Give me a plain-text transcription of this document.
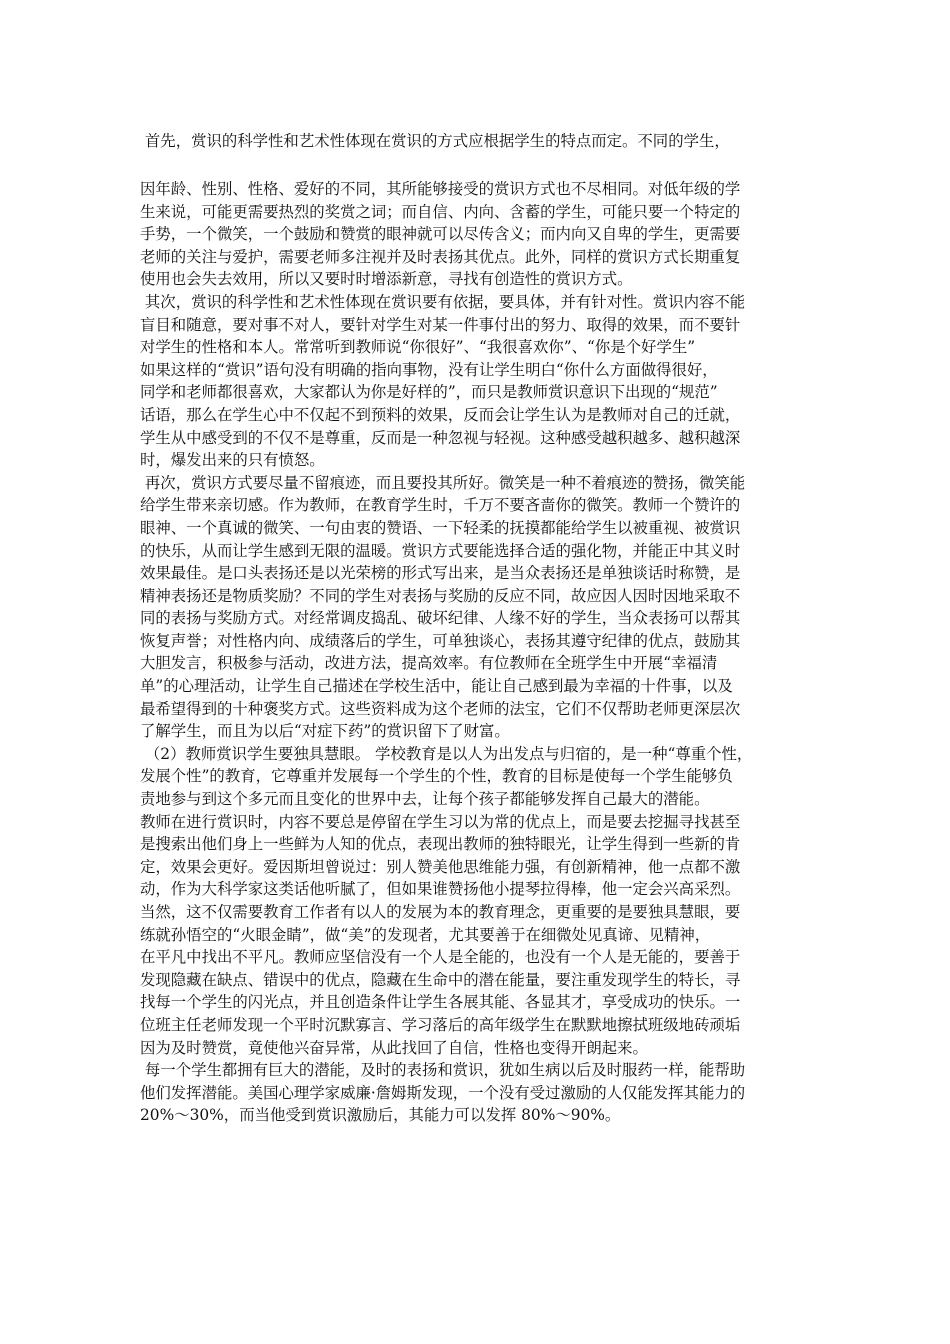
首先，赏识的科学性和艺术性体现在赏识的方式应根据学生的特点而定。不同的学生，

因年龄、性别、性格、爱好的不同，其所能够接受的赏识方式也不尽相同。对低年级的学
生来说，可能更需要热烈的奖赏之词；而自信、内向、含蓄的学生，可能只要一个特定的
手势，一个微笑，一个鼓励和赞赏的眼神就可以尽传含义；而内向又自卑的学生，更需要
老师的关注与爱护，需要老师多注视并及时表扬其优点。此外，同样的赏识方式长期重复
使用也会失去效用，所以又要时时增添新意，寻找有创造性的赏识方式。
其次，赏识的科学性和艺术性体现在赏识要有依据，要具体，并有针对性。赏识内容不能
盲目和随意，要对事不对人，要针对学生对某一件事付出的努力、取得的效果，而不要针
对学生的性格和本人。常常听到教师说“你很好”、“我很喜欢你”、“你是个好学生”
如果这样的“赏识”语句没有明确的指向事物，没有让学生明白“你什么方面做得很好，
同学和老师都很喜欢，大家都认为你是好样的”，而只是教师赏识意识下出现的“规范”
话语，那么在学生心中不仅起不到预料的效果，反而会让学生认为是教师对自己的迁就，
学生从中感受到的不仅不是尊重，反而是一种忽视与轻视。这种感受越积越多、越积越深
时，爆发出来的只有愤怒。
再次，赏识方式要尽量不留痕迹，而且要投其所好。微笑是一种不着痕迹的赞扬，微笑能
给学生带来亲切感。作为教师，在教育学生时，千万不要吝啬你的微笑。教师一个赞许的
眼神、一个真诚的微笑、一句由衷的赞语、一下轻柔的抚摸都能给学生以被重视、被赏识
的快乐，从而让学生感到无限的温暖。赏识方式要能选择合适的强化物，并能正中其义时
效果最佳。是口头表扬还是以光荣榜的形式写出来，是当众表扬还是单独谈话时称赞，是
精神表扬还是物质奖励？不同的学生对表扬与奖励的反应不同，故应因人因时因地采取不
同的表扬与奖励方式。对经常调皮捣乱、破坏纪律、人缘不好的学生，当众表扬可以帮其
恢复声誉；对性格内向、成绩落后的学生，可单独谈心，表扬其遵守纪律的优点，鼓励其
大胆发言，积极参与活动，改进方法，提高效率。有位教师在全班学生中开展“幸福清
单”的心理活动，让学生自己描述在学校生活中，能让自己感到最为幸福的十件事，以及
最希望得到的十种褒奖方式。这些资料成为这个老师的法宝，它们不仅帮助老师更深层次
了解学生，而且为以后“对症下药”的赏识留下了财富。
（2）教师赏识学生要独具慧眼。 学校教育是以人为出发点与归宿的，是一种“尊重个性，
发展个性”的教育，它尊重并发展每一个学生的个性，教育的目标是使每一个学生能够负
责地参与到这个多元而且变化的世界中去，让每个孩子都能够发挥自己最大的潜能。
教师在进行赏识时，内容不要总是停留在学生习以为常的优点上，而是要去挖掘寻找甚至
是搜索出他们身上一些鲜为人知的优点，表现出教师的独特眼光，让学生得到一些新的肯
定，效果会更好。爱因斯坦曾说过：别人赞美他思维能力强，有创新精神，他一点都不激
动，作为大科学家这类话他听腻了，但如果谁赞扬他小提琴拉得棒，他一定会兴高采烈。
当然，这不仅需要教育工作者有以人的发展为本的教育理念，更重要的是要独具慧眼，要
练就孙悟空的“火眼金睛”，做“美”的发现者，尤其要善于在细微处见真谛、见精神，
在平凡中找出不平凡。教师应坚信没有一个人是全能的，也没有一个人是无能的，要善于
发现隐藏在缺点、错误中的优点，隐藏在生命中的潜在能量，要注重发现学生的特长，寻
找每一个学生的闪光点，并且创造条件让学生各展其能、各显其才，享受成功的快乐。一
位班主任老师发现一个平时沉默寡言、学习落后的高年级学生在默默地擦拭班级地砖顽垢
因为及时赞赏，竟使他兴奋异常，从此找回了自信，性格也变得开朗起来。
每一个学生都拥有巨大的潜能，及时的表扬和赏识，犹如生病以后及时服药一样，能帮助
他们发挥潜能。美国心理学家威廉·詹姆斯发现，一个没有受过激励的人仅能发挥其能力的
20%～30%，而当他受到赏识激励后，其能力可以发挥 80%～90%。
